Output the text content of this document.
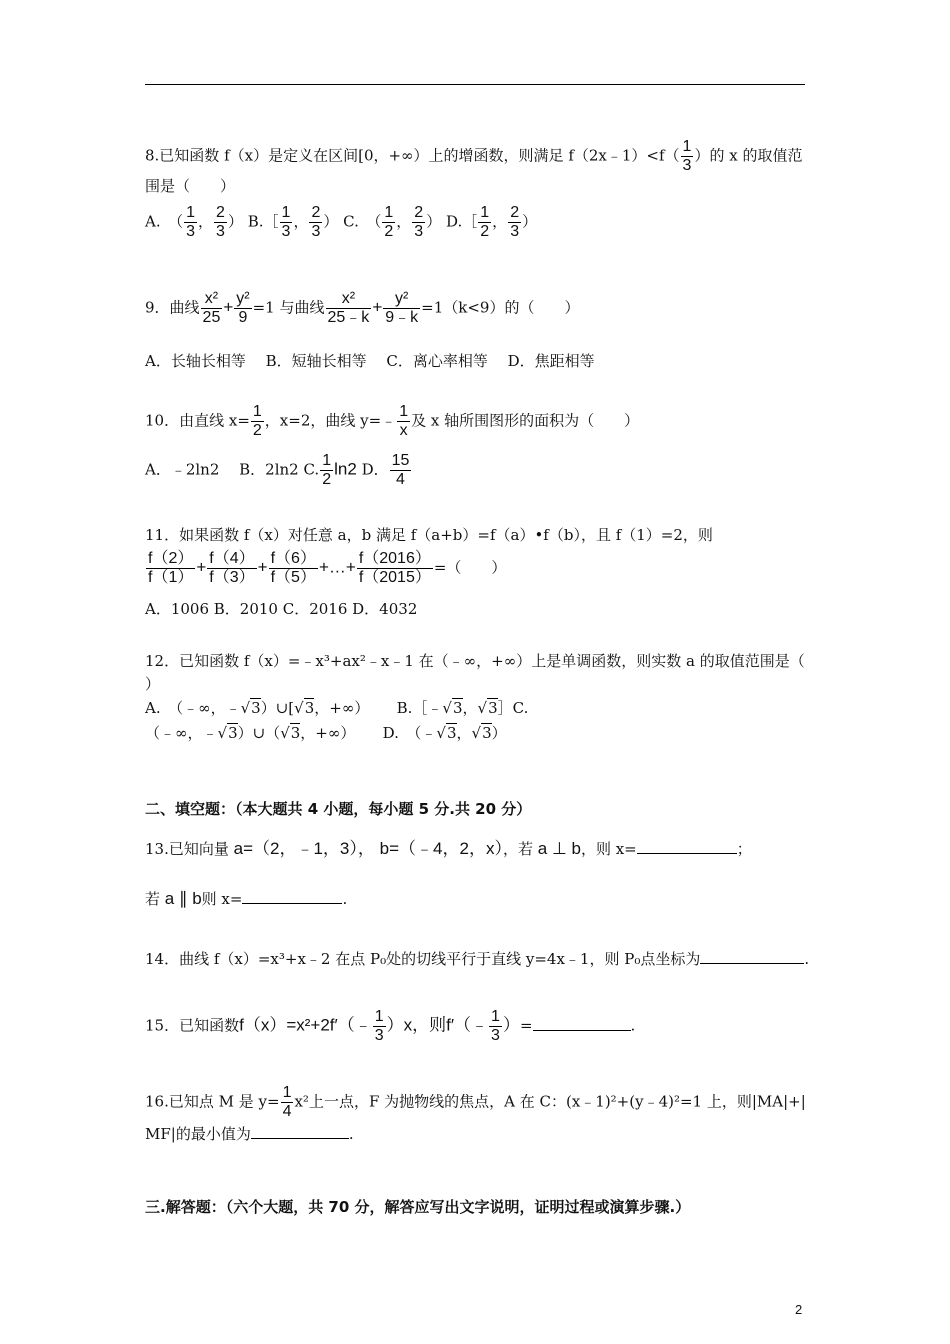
8.已知函数 f（x）是定义在区间[0，+∞）上的增函数，则满足 f（2x﹣1）<f（ $\frac{1}{3}$ ）的 x 的取值范
围是（　　）
A.　（ $\frac{1}{3}$ ， $\frac{2}{3}$ ） B.［ $\frac{1}{3}$ ， $\frac{2}{3}$ ） C.　（ $\frac{1}{2}$ ， $\frac{2}{3}$ ） D.［ $\frac{1}{2}$ ， $\frac{2}{3}$ ）
9．曲线 $\frac{\text{x²}}{25} + \frac{\text{y²}}{9} =1$ 与曲线 $\frac{\text{x²}}{25﹣k} + \frac{\text{y²}}{9﹣k} =1(k<9)$的（　　）
A．长轴长相等　 B．短轴长相等　 C．离心率相等　 D．焦距相等
10．由直线 $x= \frac{1}{2}$ ，x=2，曲线 y=﹣ $\frac{1}{x}$ 及 x 轴所围图形的面积为（　　）
A．﹣2ln2　 B．2ln2 C. $\frac{1}{2} \ln 2$ D． $\frac{15}{4}$
11．如果函数 f（x）对任意 a，b 满足 f（a+b）=f（a）•f（b），且 f（1）=2，则
$\frac{f(2)}{f(1)} + \frac{f(4)}{f(3)} + \frac{f(6)}{f(5)}$ +…+ $\frac{f(2016)}{f(2015)}$ =（　　）
A．1006 B．2010 C．2016 D．4032
12．已知函数 f（x）=﹣x³+ax²﹣x﹣1 在（﹣∞，+∞）上是单调函数，则实数 a 的取值范围是（
）
A.　（﹣∞，﹣√3）∪[√3，+∞）　　 B.［﹣√3，√3］C.
（﹣∞，﹣√3）∪（√3，+∞）　　 D.　（﹣√3，√3）
二、填空题：（本大题共 4 小题，每小题 5 分.共 20 分）
13.已知向量 a=（2，﹣1，3）， b=（﹣4，2，x），若 a ⊥ b，则 x=	；
若 a ∥ b则 x=	.
14．曲线 f（x）=x³+x﹣2 在点 P₀处的切线平行于直线 y=4x﹣1，则 P₀点坐标为	.
15．已知函数f（x）=x²+2f′（﹣ $\frac{1}{3} )x$，则f′（﹣ $\frac{1}{3}$ ）=	.
16.已知点 M 是 $y= \frac{1}{4} x^2$上一点，F 为抛物线的焦点，A 在 C：(x﹣1)²+(y﹣4)²=1 上，则|MA|+|
MF|的最小值为	.
三.解答题：（六个大题，共 70 分，解答应写出文字说明，证明过程或演算步骤.）
2
